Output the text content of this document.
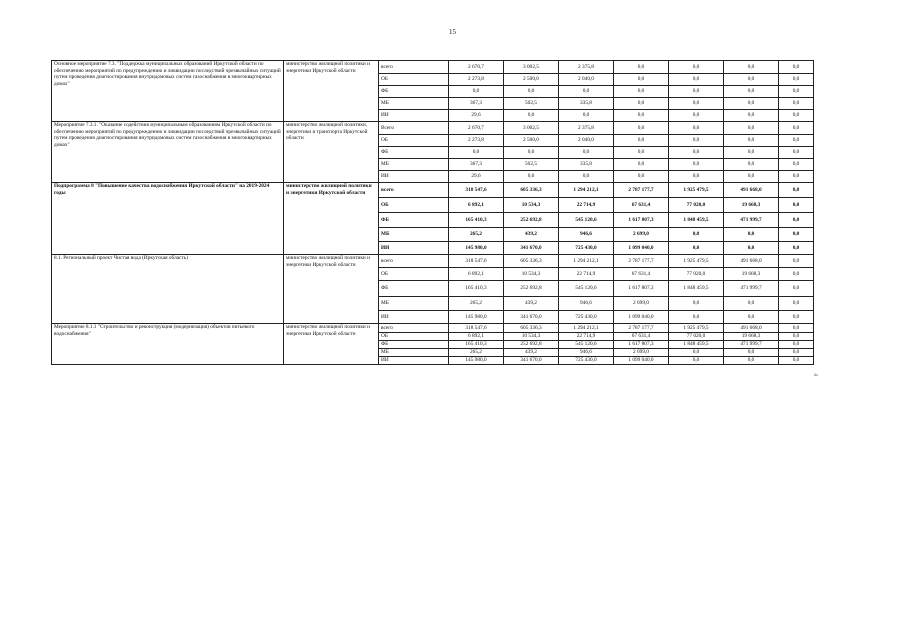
15
Основное мероприятие 7.3. "Поддержка муниципальных образований Иркутской области по обеспечению мероприятий по предупреждению и ликвидации последствий чрезвычайных ситуаций путем проведения диагностирования внутридомовых систем газоснабжения в многоквартирных домах"	министерство жилищной политики и энергетики Иркутской области	всего	2 670,7	3 002,5	2 375,8	0,0	0,0	0,0	0,0
		ОБ	2 273,8	2 500,0	2 040,0	0,0	0,0	0,0	0,0
		ФБ	0,0	0,0	0,0	0,0	0,0	0,0	0,0
		МБ	367,3	502,5	335,8	0,0	0,0	0,0	0,0
		ИИ	29,6	0,0	0,0	0,0	0,0	0,0	0,0
Мероприятие 7.3.1. "Оказание содействия муниципальным образованиям Иркутской области по обеспечению мероприятий по предупреждению и ликвидации последствий чрезвычайных ситуаций путем проведения диагностирования внутридомовых систем газоснабжения в многоквартирных домах"	министерство жилищной политики, энергетики и транспорта Иркутской области	Всего	2 670,7	3 002,5	2 375,8	0,0	0,0	0,0	0,0
		ОБ	2 273,8	2 500,0	2 040,0	0,0	0,0	0,0	0,0
		ФБ	0,0	0,0	0,0	0,0	0,0	0,0	0,0
		МБ	367,3	502,5	335,8	0,0	0,0	0,0	0,0
		ИИ	29,6	0,0	0,0	0,0	0,0	0,0	0,0
Подпрограмма 8 "Повышение качества водоснабжения Иркутской области" на 2019-2024 годы	министерство жилищной политики и энергетики Иркутской области	всего	318 547,6	605 336,3	1 294 212,1	2 787 177,7	1 925 479,5	491 668,0	0,0
		ОБ	6 892,1	10 534,3	22 714,9	67 631,4	77 020,0	19 668,3	0,0
		ФБ	165 410,3	252 692,8	545 120,6	1 617 807,3	1 848 459,5	471 999,7	0,0
		МБ	265,2	439,2	946,6	2 699,0	0,0	0,0	0,0
		ИИ	145 980,0	341 670,0	725 430,0	1 099 040,0	0,0	0,0	0,0
8.1. Региональный проект Чистая вода (Иркутская область)	министерство жилищной политики и энергетики Иркутской области	всего	318 547,6	605 336,3	1 294 212,1	2 787 177,7	1 925 479,5	491 668,0	0,0
		ОБ	6 892,1	10 534,3	22 714,9	67 631,4	77 020,0	19 668,3	0,0
		ФБ	165 410,3	252 692,8	545 120,6	1 617 807,3	1 848 459,5	471 999,7	0,0
		МБ	265,2	439,2	946,6	2 699,0	0,0	0,0	0,0
		ИИ	145 980,0	341 670,0	725 430,0	1 099 040,0	0,0	0,0	0,0
Мероприятие 8.1.1 "Строительство и реконструкция (модернизация) объектов питьевого водоснабжения"	министерство жилищной политики и энергетики Иркутской области	всего	318 547,6	605 336,3	1 294 212,1	2 787 177,7	1 925 479,5	491 668,0	0,0
		ОБ	6 892,1	10 534,3	22 714,9	67 631,4	77 020,0	19 668,3	0,0
		ФБ	165 410,3	252 692,8	545 120,6	1 617 807,3	1 848 459,5	471 999,7	0,0
		МБ	265,2	439,2	946,6	2 699,0	0,0	0,0	0,0
		ИИ	145 980,0	341 670,0	725 430,0	1 099 040,0	0,0	0,0	0,0
».
